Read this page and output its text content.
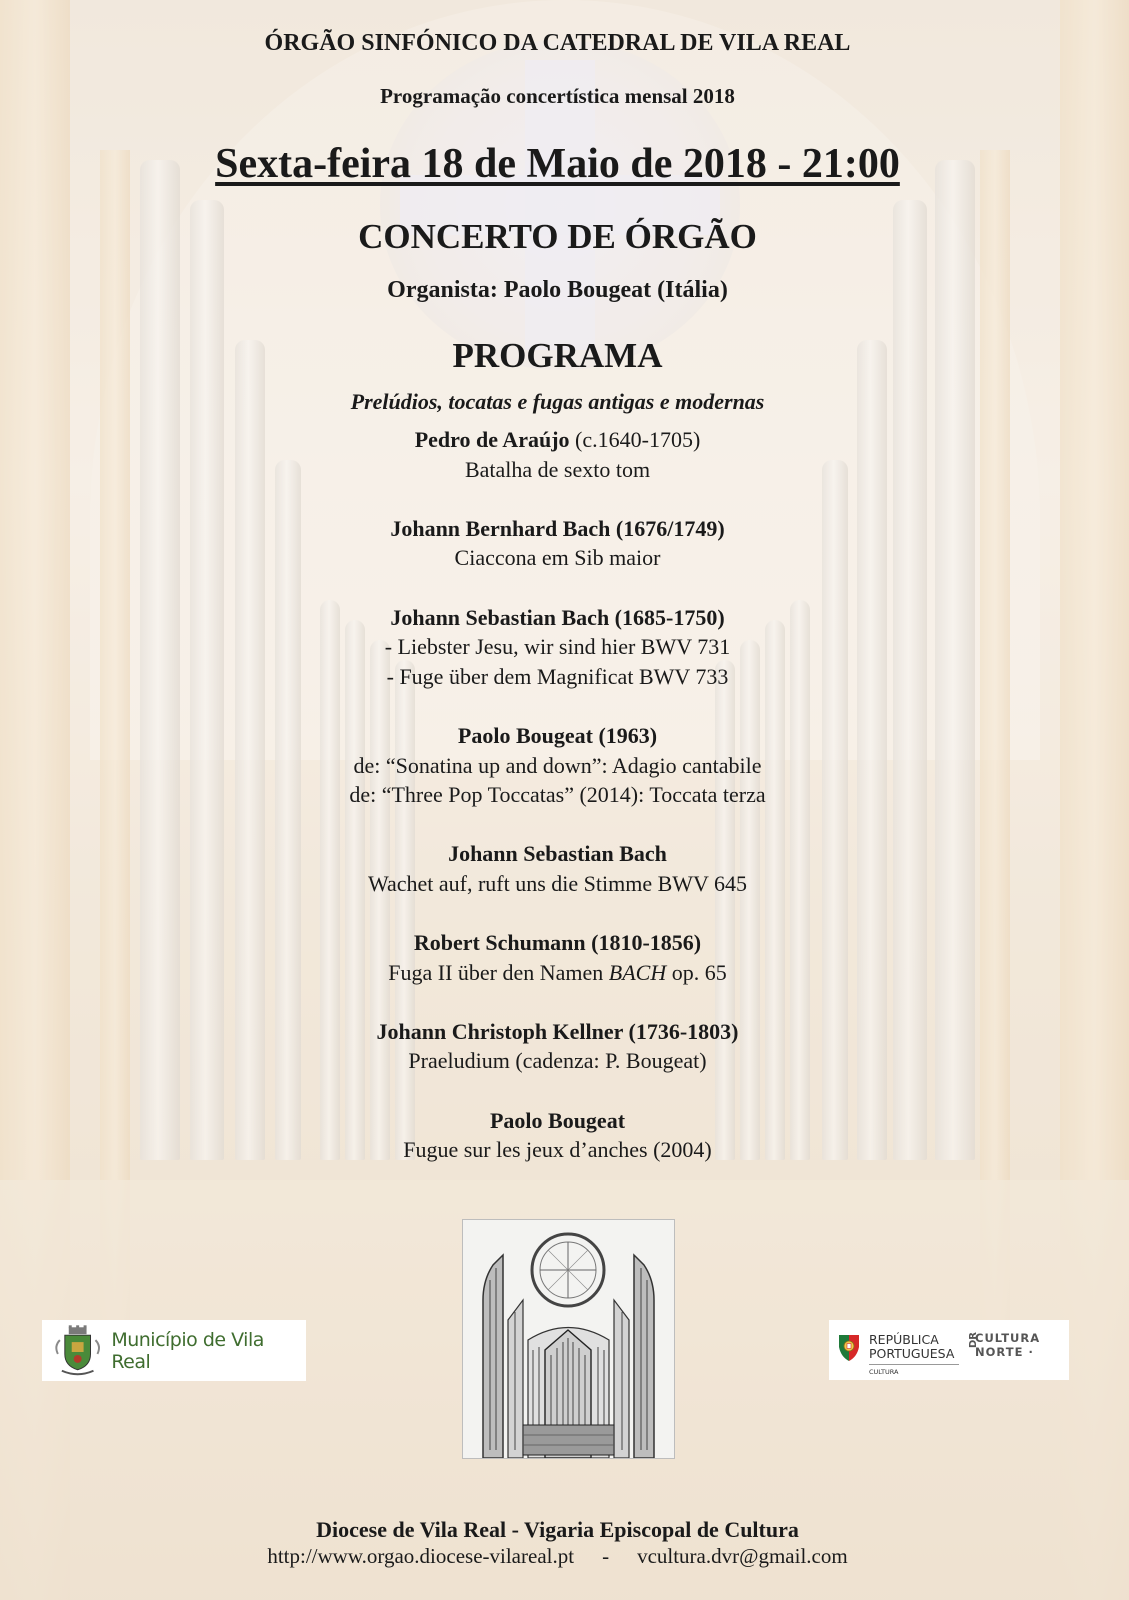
ÓRGÃO SINFÓNICO DA CATEDRAL DE VILA REAL
Programação concertística mensal 2018
Sexta-feira 18 de Maio de 2018 - 21:00
CONCERTO DE ÓRGÃO
Organista: Paolo Bougeat (Itália)
PROGRAMA
Prelúdios, tocatas e fugas antigas e modernas
Pedro de Araújo (c.1640-1705)
Batalha de sexto tom
Johann Bernhard Bach (1676/1749)
Ciaccona em Sib maior
Johann Sebastian Bach (1685-1750)
- Liebster Jesu, wir sind hier BWV 731
- Fuge über dem Magnificat BWV 733
Paolo Bougeat (1963)
de: “Sonatina up and down”: Adagio cantabile
de: “Three Pop Toccatas” (2014): Toccata terza
Johann Sebastian Bach
Wachet auf, ruft uns die Stimme BWV 645
Robert Schumann (1810-1856)
Fuga II über den Namen BACH op. 65
Johann Christoph Kellner (1736-1803)
Praeludium (cadenza: P. Bougeat)
Paolo Bougeat
Fugue sur les jeux d’anches (2004)
Município de Vila Real
REPÚBLICA
PORTUGUESA
CULTURA
DR
CULTURA
NORTE ·
Diocese de Vila Real - Vigaria Episcopal de Cultura
http://www.orgao.diocese-vilareal.pt - vcultura.dvr@gmail.com
